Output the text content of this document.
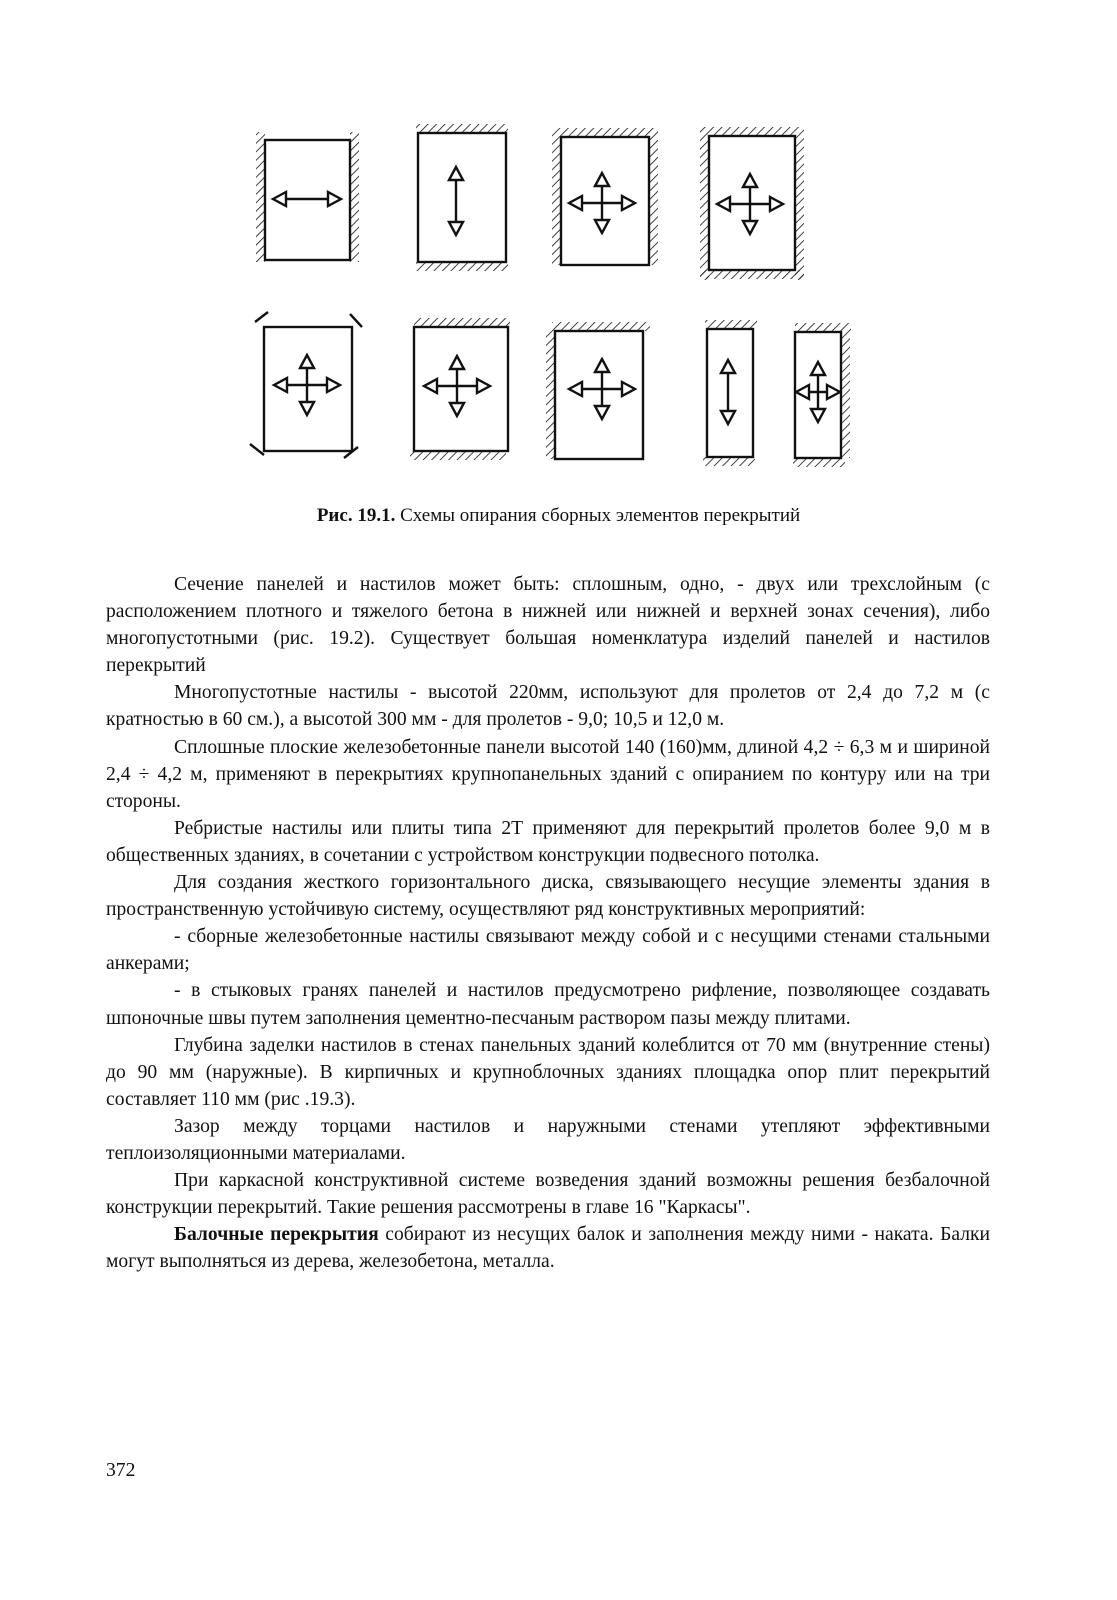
Рис. 19.1. Схемы опирания сборных элементов перекрытий

Сечение панелей и настилов может быть: сплошным, одно, - двух или трехслойным (с расположением плотного и тяжелого бетона в нижней или нижней и верхней зонах сечения), либо многопустотными (рис. 19.2). Существует большая номенклатура изделий панелей и настилов перекрытий

Многопустотные настилы - высотой 220мм, используют для пролетов от 2,4 до 7,2 м (с кратностью в 60 см.), а высотой 300 мм - для пролетов - 9,0; 10,5 и 12,0 м.

Сплошные плоские железобетонные панели высотой 140 (160)мм, длиной 4,2 ÷ 6,3 м и шириной 2,4 ÷ 4,2 м, применяют в перекрытиях крупнопанельных зданий с опиранием по контуру или на три стороны.

Ребристые настилы или плиты типа 2Т применяют для перекрытий пролетов более 9,0 м в общественных зданиях, в сочетании с устройством конструкции подвесного потолка.

Для создания жесткого горизонтального диска, связывающего несущие элементы здания в пространственную устойчивую систему, осуществляют ряд конструктивных мероприятий:

- сборные железобетонные настилы связывают между собой и с несущими стенами стальными анкерами;

- в стыковых гранях панелей и настилов предусмотрено рифление, позволяющее создавать шпоночные швы путем заполнения цементно-песчаным раствором пазы между плитами.

Глубина заделки настилов в стенах панельных зданий колеблится от 70 мм (внутренние стены) до 90 мм (наружные). В кирпичных и крупноблочных зданиях площадка опор плит перекрытий составляет 110 мм (рис .19.3).

Зазор между торцами настилов и наружными стенами утепляют эффективными теплоизоляционными материалами.

При каркасной конструктивной системе возведения зданий возможны решения безбалочной конструкции перекрытий. Такие решения рассмотрены в главе 16 "Каркасы".

Балочные перекрытия собирают из несущих балок и заполнения между ними - наката. Балки могут выполняться из дерева, железобетона, металла.

372
